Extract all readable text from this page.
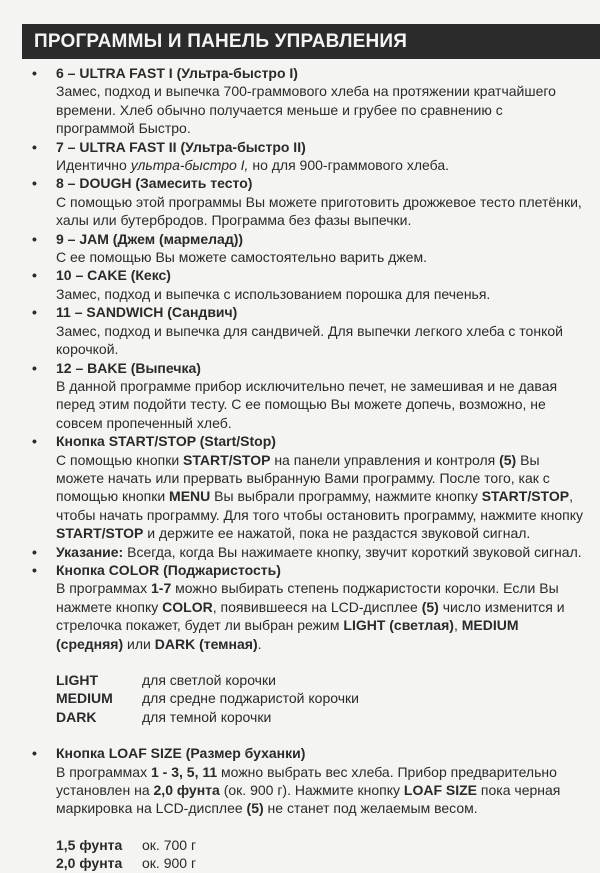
ПРОГРАММЫ И ПАНЕЛЬ УПРАВЛЕНИЯ
• 6 – ULTRA FAST I (Ультра-быстро I)
Замес, подход и выпечка 700-граммового хлеба на протяжении кратчайшего времени. Хлеб обычно получается меньше и грубее по сравнению с программой Быстро.
• 7 – ULTRA FAST II (Ультра-быстро II)
Идентично ультра-быстро I, но для 900-граммового хлеба.
• 8 – DOUGH (Замесить тесто)
С помощью этой программы Вы можете приготовить дрожжевое тесто плетёнки, халы или бутербродов. Программа без фазы выпечки.
• 9 – JAM (Джем (мармелад))
С ее помощью Вы можете самостоятельно варить джем.
• 10 – CAKE (Кекс)
Замес, подход и выпечка с использованием порошка для печенья.
• 11 – SANDWICH (Сандвич)
Замес, подход и выпечка для сандвичей. Для выпечки легкого хлеба с тонкой корочкой.
• 12 – BAKE (Выпечка)
В данной программе прибор исключительно печет, не замешивая и не давая перед этим подойти тесту. С ее помощью Вы можете допечь, возможно, не совсем пропеченный хлеб.
• Кнопка START/STOP (Start/Stop)
С помощью кнопки START/STOP на панели управления и контроля (5) Вы можете начать или прервать выбранную Вами программу. После того, как с помощью кнопки MENU Вы выбрали программу, нажмите кнопку START/STOP, чтобы начать программу. Для того чтобы остановить программу, нажмите кнопку START/STOP и держите ее нажатой, пока не раздастся звуковой сигнал.
• Указание: Всегда, когда Вы нажимаете кнопку, звучит короткий звуковой сигнал.
• Кнопка COLOR (Поджаристость)
В программах 1-7 можно выбирать степень поджаристости корочки. Если Вы нажмете кнопку COLOR, появившееся на LCD-дисплее (5) число изменится и стрелочка покажет, будет ли выбран режим LIGHT (светлая), MEDIUM (средняя) или DARK (темная).
LIGHT	для светлой корочки
MEDIUM	для средне поджаристой корочки
DARK	для темной корочки
• Кнопка LOAF SIZE (Размер буханки)
В программах 1 - 3, 5, 11 можно выбрать вес хлеба. Прибор предварительно установлен на 2,0 фунта (ок. 900 г). Нажмите кнопку LOAF SIZE пока черная маркировка на LCD-дисплее (5) не станет под желаемым весом.
1,5 фунта	ок. 700 г
2,0 фунта	ок. 900 г
